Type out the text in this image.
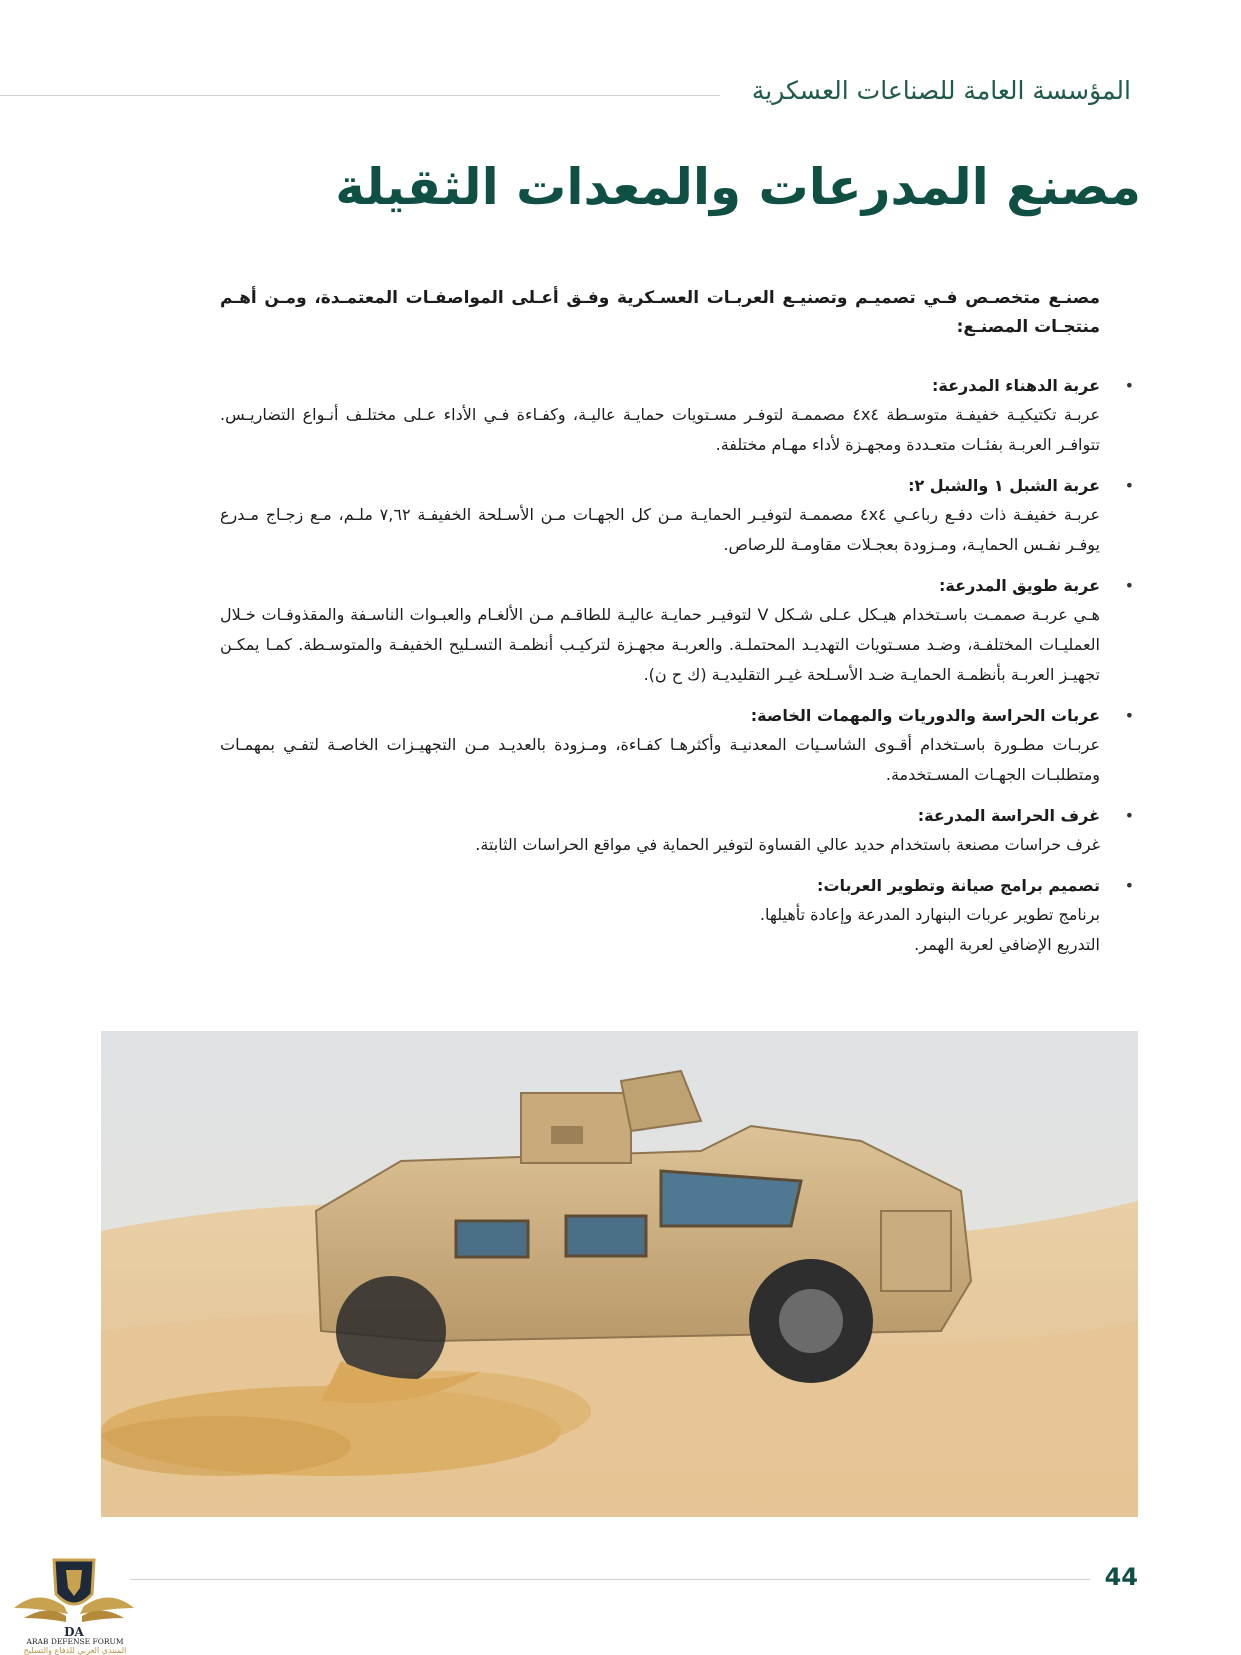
المؤسسة العامة للصناعات العسكرية
مصنع المدرعات والمعدات الثقيلة

مصنـع متخصـص فـي تصميـم وتصنيـع العربـات العسـكرية وفـق أعـلى المواصفـات المعتمـدة، ومـن أهـم منتجـات المصنـع:

•
عربة الدهناء المدرعة:

عربـة تكتيكيـة خفيفـة متوسـطة ٤x٤ مصممـة لتوفـر مسـتويات حمايـة عاليـة، وكفـاءة فـي الأداء عـلى مختلـف أنـواع التضاريـس. تتوافـر العربـة بفئـات متعـددة ومجهـزة لأداء مهـام مختلفة.

•
عربة الشبل ١ والشبل ٢:

عربـة خفيفـة ذات دفـع رباعـي ٤x٤ مصممـة لتوفيـر الحمايـة مـن كل الجهـات مـن الأسـلحة الخفيفـة ٧,٦٢ ملـم، مـع زجـاج مـدرع يوفـر نفـس الحمايـة، ومـزودة بعجـلات مقاومـة للرصاص.

•
عربة طويق المدرعة:

هـي عربـة صممـت باسـتخدام هيـكل عـلى شـكل V لتوفيـر حمايـة عاليـة للطاقـم مـن الألغـام والعبـوات الناسـفة والمقذوفـات خـلال العمليـات المختلفـة، وضـد مسـتويات التهديـد المحتملـة. والعربـة مجهـزة لتركيـب أنظمـة التسـليح الخفيفـة والمتوسـطة. كمـا يمكـن تجهيـز العربـة بأنظمـة الحمايـة ضـد الأسـلحة غيـر التقليديـة (ك ح ن).

•
عربات الحراسة والدوريات والمهمات الخاصة:

عربـات مطـورة باسـتخدام أقـوى الشاسـيات المعدنيـة وأكثرهـا كفـاءة، ومـزودة بالعديـد مـن التجهيـزات الخاصـة لتفـي بمهمـات ومتطلبـات الجهـات المسـتخدمة.

•
غرف الحراسة المدرعة:

غرف حراسات مصنعة باستخدام حديد عالي القساوة لتوفير الحماية في مواقع الحراسات الثابتة.

•
تصميم برامج صيانة وتطوير العربات:

برنامج تطوير عربات البنهارد المدرعة وإعادة تأهيلها.

التدريع الإضافي لعربة الهمر.

44
DA
ARAB DEFENSE FORUM
المنتدى العربي للدفاع والتسليح
